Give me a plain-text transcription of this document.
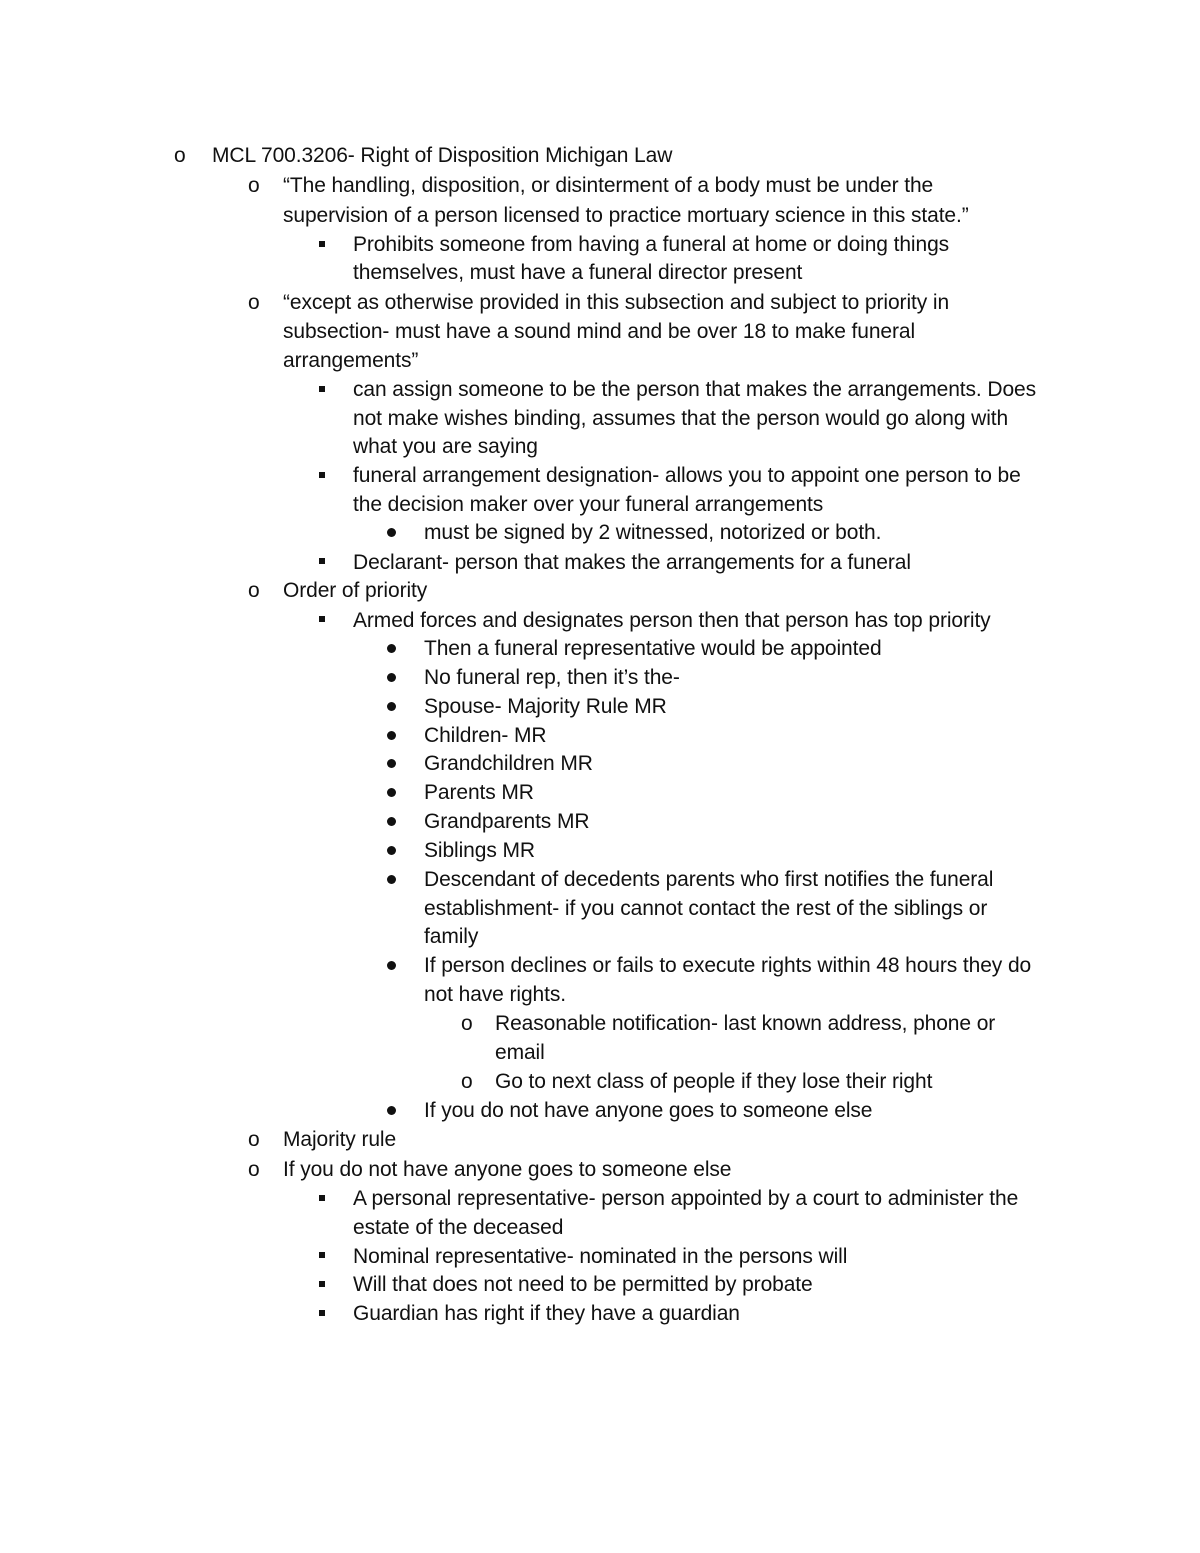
o MCL 700.3206- Right of Disposition Michigan Law
o “The handling, disposition, or disinterment of a body must be under the
supervision of a person licensed to practice mortuary science in this state.”
Prohibits someone from having a funeral at home or doing things
themselves, must have a funeral director present
o “except as otherwise provided in this subsection and subject to priority in
subsection- must have a sound mind and be over 18 to make funeral
arrangements”
can assign someone to be the person that makes the arrangements. Does
not make wishes binding, assumes that the person would go along with
what you are saying
funeral arrangement designation- allows you to appoint one person to be
the decision maker over your funeral arrangements
must be signed by 2 witnessed, notorized or both.
Declarant- person that makes the arrangements for a funeral
o Order of priority
Armed forces and designates person then that person has top priority
Then a funeral representative would be appointed
No funeral rep, then it’s the-
Spouse- Majority Rule MR
Children- MR
Grandchildren MR
Parents MR
Grandparents MR
Siblings MR
Descendant of decedents parents who first notifies the funeral
establishment- if you cannot contact the rest of the siblings or
family
If person declines or fails to execute rights within 48 hours they do
not have rights.
o Reasonable notification- last known address, phone or
email
o Go to next class of people if they lose their right
If you do not have anyone goes to someone else
o Majority rule
o If you do not have anyone goes to someone else
A personal representative- person appointed by a court to administer the
estate of the deceased
Nominal representative- nominated in the persons will
Will that does not need to be permitted by probate
Guardian has right if they have a guardian
